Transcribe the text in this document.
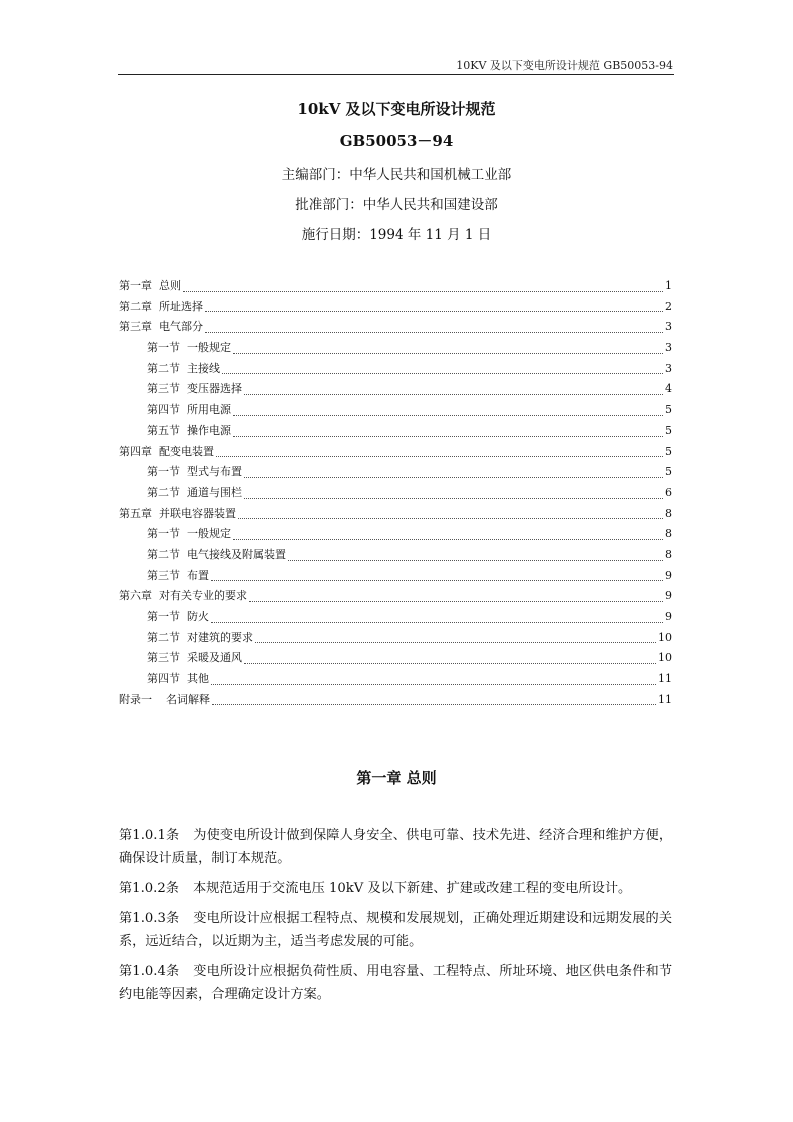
10KV 及以下变电所设计规范 GB50053-94
10kV 及以下变电所设计规范
GB50053－94
主编部门：中华人民共和国机械工业部
批准部门：中华人民共和国建设部
施行日期：1994 年 11 月 1 日
第一章  总则	1
第二章  所址选择	2
第三章  电气部分	3
第一节  一般规定	3
第二节  主接线	3
第三节  变压器选择	4
第四节  所用电源	5
第五节  操作电源	5
第四章  配变电装置	5
第一节  型式与布置	5
第二节  通道与围栏	6
第五章  并联电容器装置	8
第一节  一般规定	8
第二节  电气接线及附属装置	8
第三节  布置	9
第六章  对有关专业的要求	9
第一节  防火	9
第二节  对建筑的要求	10
第三节  采暖及通风	10
第四节  其他	11
附录一    名词解释	11
第一章 总则

第1.0.1条 为使变电所设计做到保障人身安全、供电可靠、技术先进、经济合理和维护方便，确保设计质量，制订本规范。

第1.0.2条 本规范适用于交流电压 10kV 及以下新建、扩建或改建工程的变电所设计。

第1.0.3条 变电所设计应根据工程特点、规模和发展规划，正确处理近期建设和远期发展的关系，远近结合，以近期为主，适当考虑发展的可能。

第1.0.4条 变电所设计应根据负荷性质、用电容量、工程特点、所址环境、地区供电条件和节约电能等因素，合理确定设计方案。
